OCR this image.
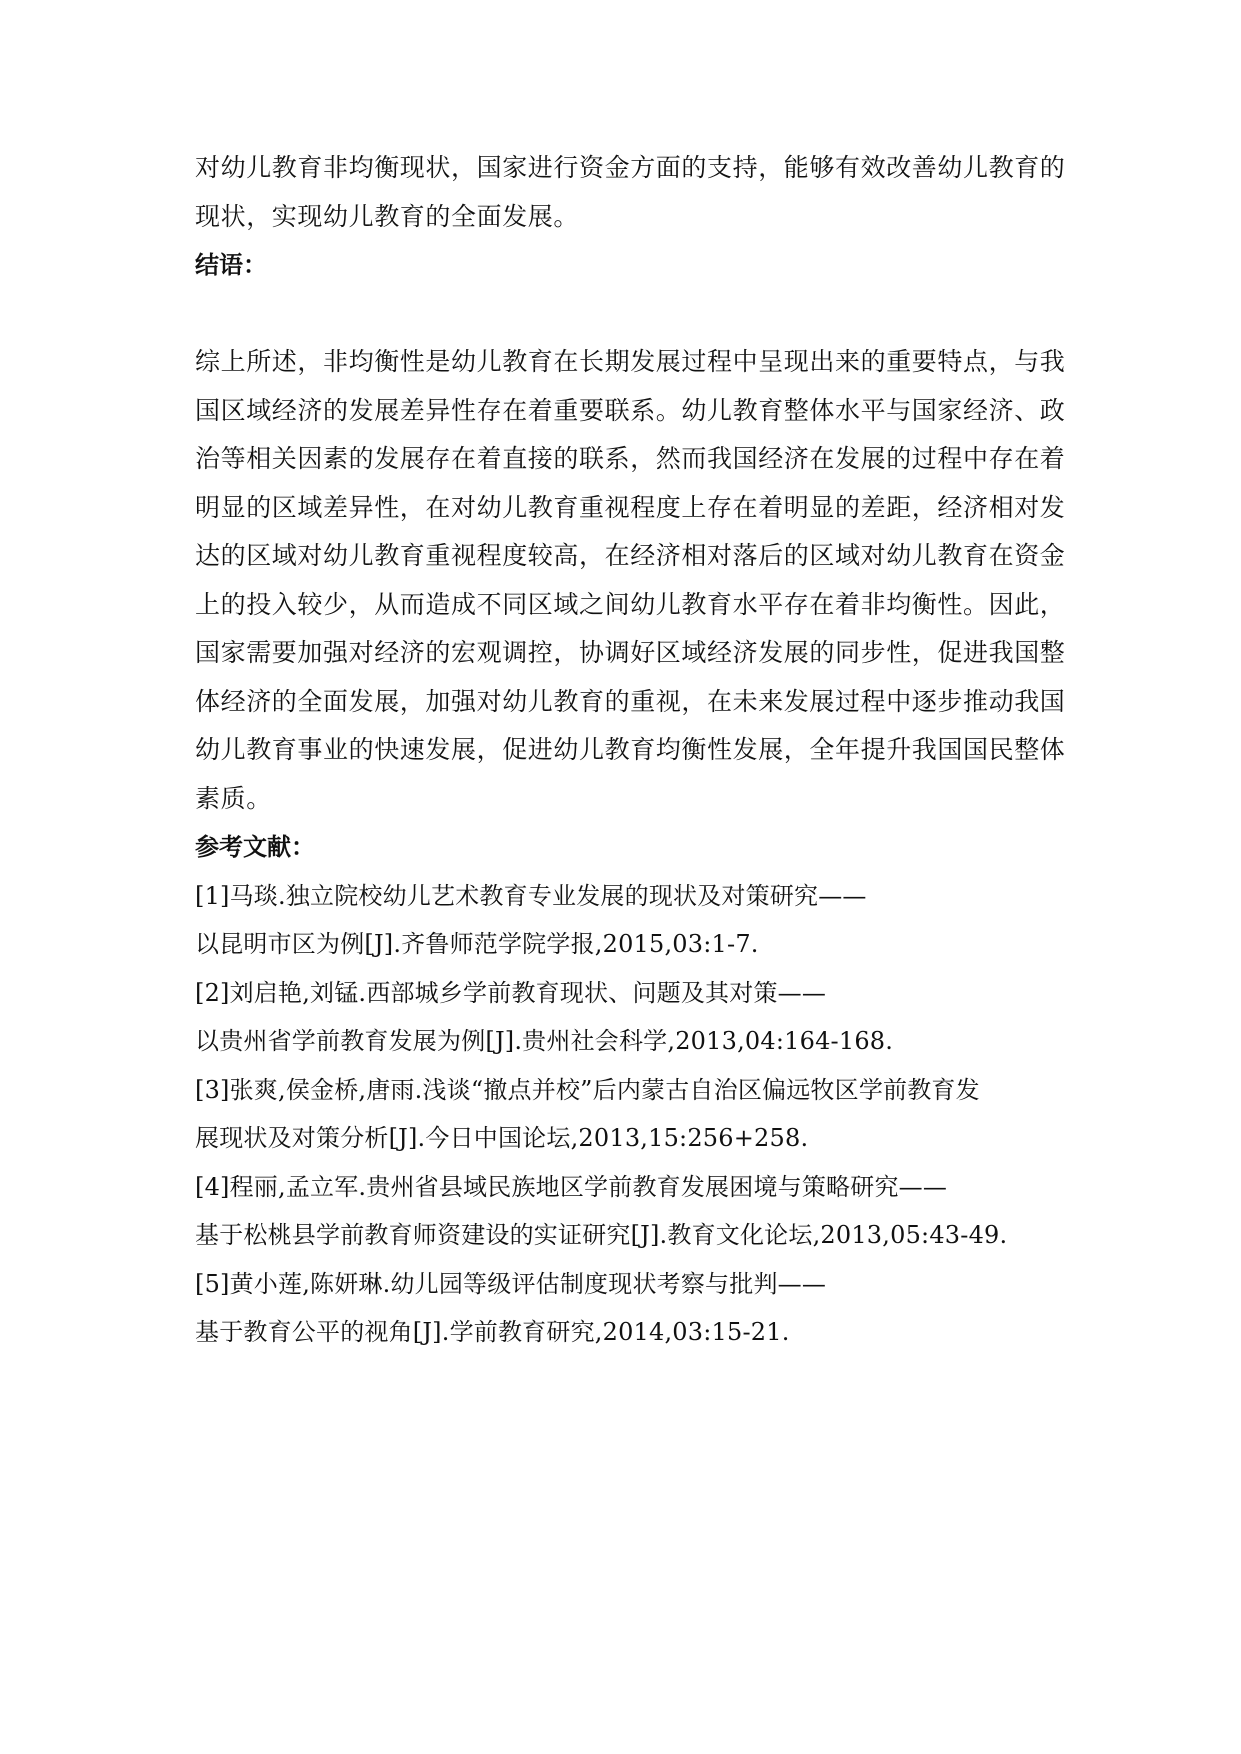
对幼儿教育非均衡现状，国家进行资金方面的支持，能够有效改善幼儿教育的
现状，实现幼儿教育的全面发展。
结语：
综上所述，非均衡性是幼儿教育在长期发展过程中呈现出来的重要特点，与我
国区域经济的发展差异性存在着重要联系。幼儿教育整体水平与国家经济、政
治等相关因素的发展存在着直接的联系，然而我国经济在发展的过程中存在着
明显的区域差异性，在对幼儿教育重视程度上存在着明显的差距，经济相对发
达的区域对幼儿教育重视程度较高，在经济相对落后的区域对幼儿教育在资金
上的投入较少，从而造成不同区域之间幼儿教育水平存在着非均衡性。因此，
国家需要加强对经济的宏观调控，协调好区域经济发展的同步性，促进我国整
体经济的全面发展，加强对幼儿教育的重视，在未来发展过程中逐步推动我国
幼儿教育事业的快速发展，促进幼儿教育均衡性发展，全年提升我国国民整体
素质。
参考文献：
[1]马琰.独立院校幼儿艺术教育专业发展的现状及对策研究——
以昆明市区为例[J].齐鲁师范学院学报,2015,03:1-7.
[2]刘启艳,刘锰.西部城乡学前教育现状、问题及其对策——
以贵州省学前教育发展为例[J].贵州社会科学,2013,04:164-168.
[3]张爽,侯金桥,唐雨.浅谈“撤点并校”后内蒙古自治区偏远牧区学前教育发
展现状及对策分析[J].今日中国论坛,2013,15:256+258.
[4]程丽,孟立军.贵州省县域民族地区学前教育发展困境与策略研究——
基于松桃县学前教育师资建设的实证研究[J].教育文化论坛,2013,05:43-49.
[5]黄小莲,陈妍琳.幼儿园等级评估制度现状考察与批判——
基于教育公平的视角[J].学前教育研究,2014,03:15-21.
